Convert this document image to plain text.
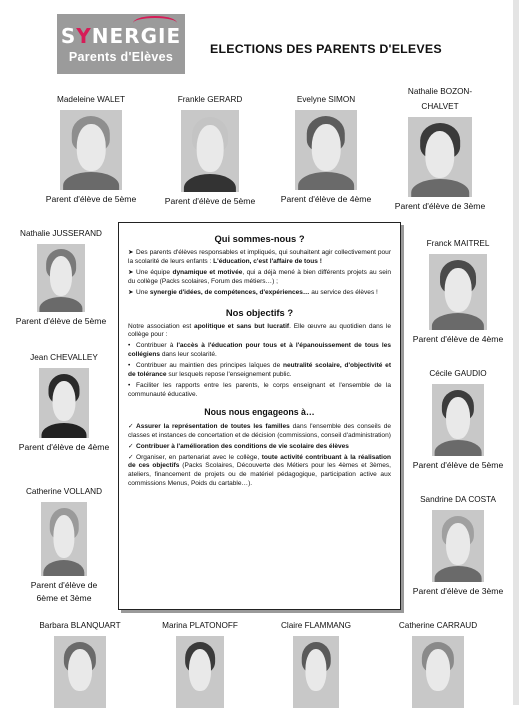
SYNERGIE
Parents d'Elèves
ELECTIONS DES PARENTS D'ELEVES
Madeleine WALET
Parent d'élève de 5ème
Frankle GERARD
Parent d'élève de 5ème
Evelyne SIMON
Parent d'élève de 4ème
Nathalie BOZON-
CHALVET
Parent d'élève de 3ème
Nathalie JUSSERAND
Parent d'élève de 5ème
Jean CHEVALLEY
Parent d'élève de 4ème
Catherine VOLLAND
Parent d'élève de
6ème et 3ème
Franck MAITREL
Parent d'élève de 4ème
Cécile GAUDIO
Parent d'élève de 5ème
Sandrine DA COSTA
Parent d'élève de 3ème
Barbara BLANQUART	Marina PLATONOFF	Claire FLAMMANG	Catherine CARRAUD
Qui sommes-nous ?

➤ Des parents d'élèves responsables et impliqués, qui souhaitent agir collectivement pour la scolarité de leurs enfants : L'éducation, c'est l'affaire de tous !

➤ Une équipe dynamique et motivée, qui a déjà mené à bien différents projets au sein du collège (Packs scolaires, Forum des métiers…) ;

➤ Une synergie d'idées, de compétences, d'expériences… au service des élèves !

Nos objectifs ?

Notre association est apolitique et sans but lucratif. Elle œuvre au quotidien dans le collège pour :

• Contribuer à l'accès à l'éducation pour tous et à l'épanouissement de tous les collégiens dans leur scolarité.

• Contribuer au maintien des principes laïques de neutralité scolaire, d'objectivité et de tolérance sur lesquels repose l'enseignement public.

• Faciliter les rapports entre les parents, le corps enseignant et l'ensemble de la communauté éducative.

Nous nous engageons à…

✓ Assurer la représentation de toutes les familles dans l'ensemble des conseils de classes et instances de concertation et de décision (commissions, conseil d'administration)

✓ Contribuer à l'amélioration des conditions de vie scolaire des élèves

✓ Organiser, en partenariat avec le collège, toute activité contribuant à la réalisation de ces objectifs (Packs Scolaires, Découverte des Métiers pour les 4èmes et 3èmes, ateliers, financement de projets ou de matériel pédagogique, participation active aux commissions Menus, Poids du cartable…).
